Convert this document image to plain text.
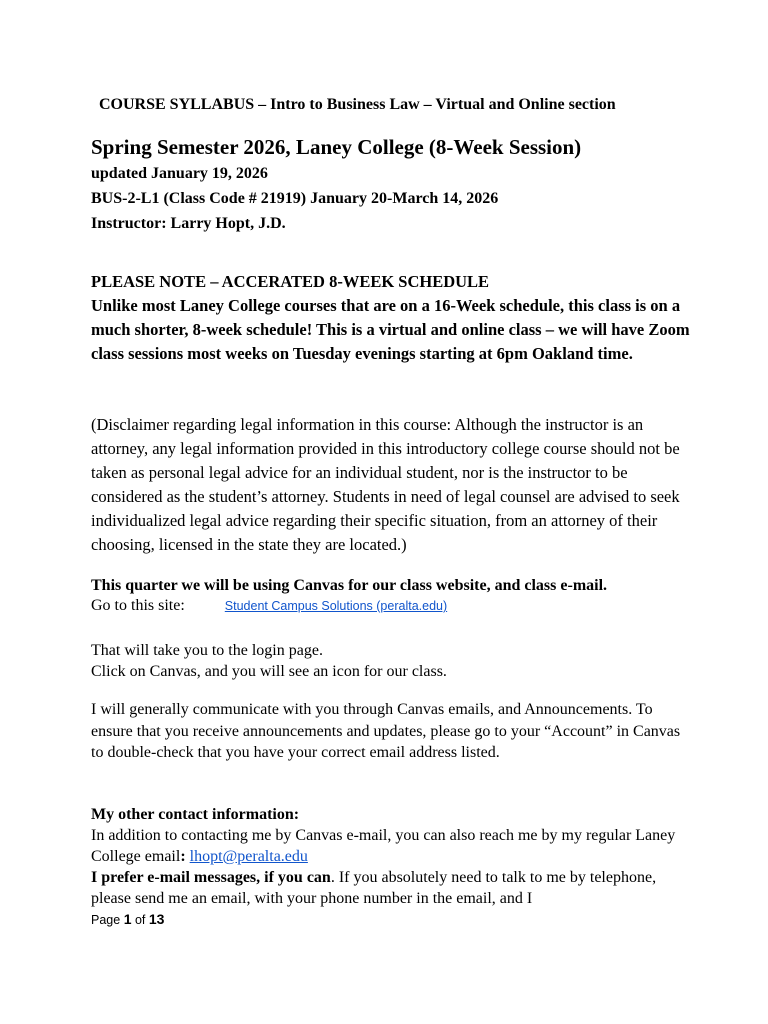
COURSE SYLLABUS – Intro to Business Law – Virtual and Online section
Spring Semester 2026, Laney College (8-Week Session)
updated January 19, 2026
BUS-2-L1 (Class Code # 21919) January 20-March 14, 2026
Instructor: Larry Hopt, J.D.
PLEASE NOTE – ACCERATED 8-WEEK SCHEDULE
Unlike most Laney College courses that are on a 16-Week schedule, this class is on a much shorter, 8-week schedule! This is a virtual and online class – we will have Zoom class sessions most weeks on Tuesday evenings starting at 6pm Oakland time.
(Disclaimer regarding legal information in this course: Although the instructor is an attorney, any legal information provided in this introductory college course should not be taken as personal legal advice for an individual student, nor is the instructor to be considered as the student’s attorney. Students in need of legal counsel are advised to seek individualized legal advice regarding their specific situation, from an attorney of their choosing, licensed in the state they are located.)
This quarter we will be using Canvas for our class website, and class e-mail.
Go to this site:	Student Campus Solutions (peralta.edu)
That will take you to the login page.
Click on Canvas, and you will see an icon for our class.
I will generally communicate with you through Canvas emails, and Announcements. To ensure that you receive announcements and updates, please go to your “Account” in Canvas to double-check that you have your correct email address listed.
My other contact information:
In addition to contacting me by Canvas e-mail, you can also reach me by my regular Laney College email: lhopt@peralta.edu
I prefer e-mail messages, if you can. If you absolutely need to talk to me by telephone, please send me an email, with your phone number in the email, and I
Page 1 of 13
